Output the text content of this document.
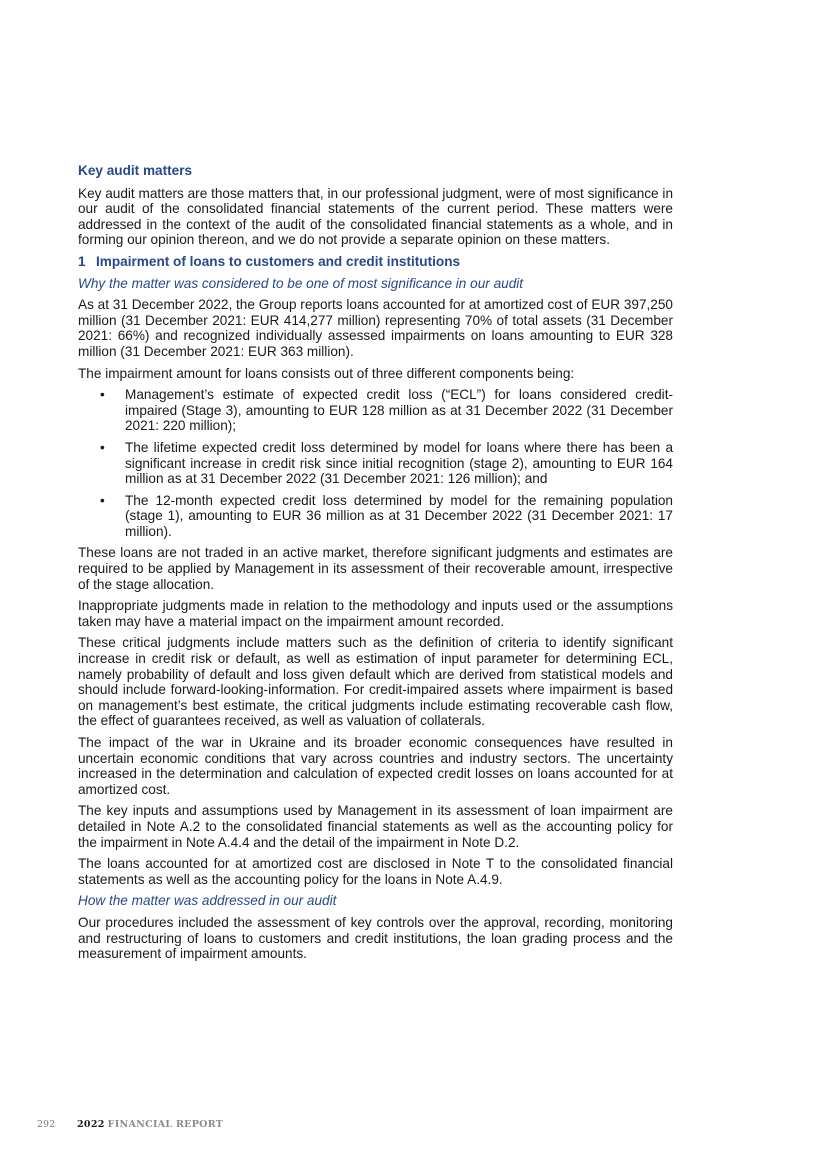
Key audit matters

Key audit matters are those matters that, in our professional judgment, were of most significance in our audit of the consolidated financial statements of the current period. These matters were addressed in the context of the audit of the consolidated financial statements as a whole, and in forming our opinion thereon, and we do not provide a separate opinion on these matters.

1 Impairment of loans to customers and credit institutions
Why the matter was considered to be one of most significance in our audit

As at 31 December 2022, the Group reports loans accounted for at amortized cost of EUR 397,250 million (31 December 2021: EUR 414,277 million) representing 70% of total assets (31 December 2021: 66%) and recognized individually assessed impairments on loans amounting to EUR 328 million (31 December 2021: EUR 363 million).

The impairment amount for loans consists out of three different components being:

• Management’s estimate of expected credit loss (“ECL”) for loans considered credit-impaired (Stage 3), amounting to EUR 128 million as at 31 December 2022 (31 December 2021: 220 million);
• The lifetime expected credit loss determined by model for loans where there has been a significant increase in credit risk since initial recognition (stage 2), amounting to EUR 164 million as at 31 December 2022 (31 December 2021: 126 million); and
• The 12-month expected credit loss determined by model for the remaining population (stage 1), amounting to EUR 36 million as at 31 December 2022 (31 December 2021: 17 million).

These loans are not traded in an active market, therefore significant judgments and estimates are required to be applied by Management in its assessment of their recoverable amount, irrespective of the stage allocation.

Inappropriate judgments made in relation to the methodology and inputs used or the assumptions taken may have a material impact on the impairment amount recorded.

These critical judgments include matters such as the definition of criteria to identify significant increase in credit risk or default, as well as estimation of input parameter for determining ECL, namely probability of default and loss given default which are derived from statistical models and should include forward-looking-information. For credit-impaired assets where impairment is based on management’s best estimate, the critical judgments include estimating recoverable cash flow, the effect of guarantees received, as well as valuation of collaterals.

The impact of the war in Ukraine and its broader economic consequences have resulted in uncertain economic conditions that vary across countries and industry sectors. The uncertainty increased in the determination and calculation of expected credit losses on loans accounted for at amortized cost.

The key inputs and assumptions used by Management in its assessment of loan impairment are detailed in Note A.2 to the consolidated financial statements as well as the accounting policy for the impairment in Note A.4.4 and the detail of the impairment in Note D.2.

The loans accounted for at amortized cost are disclosed in Note T to the consolidated financial statements as well as the accounting policy for the loans in Note A.4.9.

How the matter was addressed in our audit

Our procedures included the assessment of key controls over the approval, recording, monitoring and restructuring of loans to customers and credit institutions, the loan grading process and the measurement of impairment amounts.

292 2022 FINANCIAL REPORT
